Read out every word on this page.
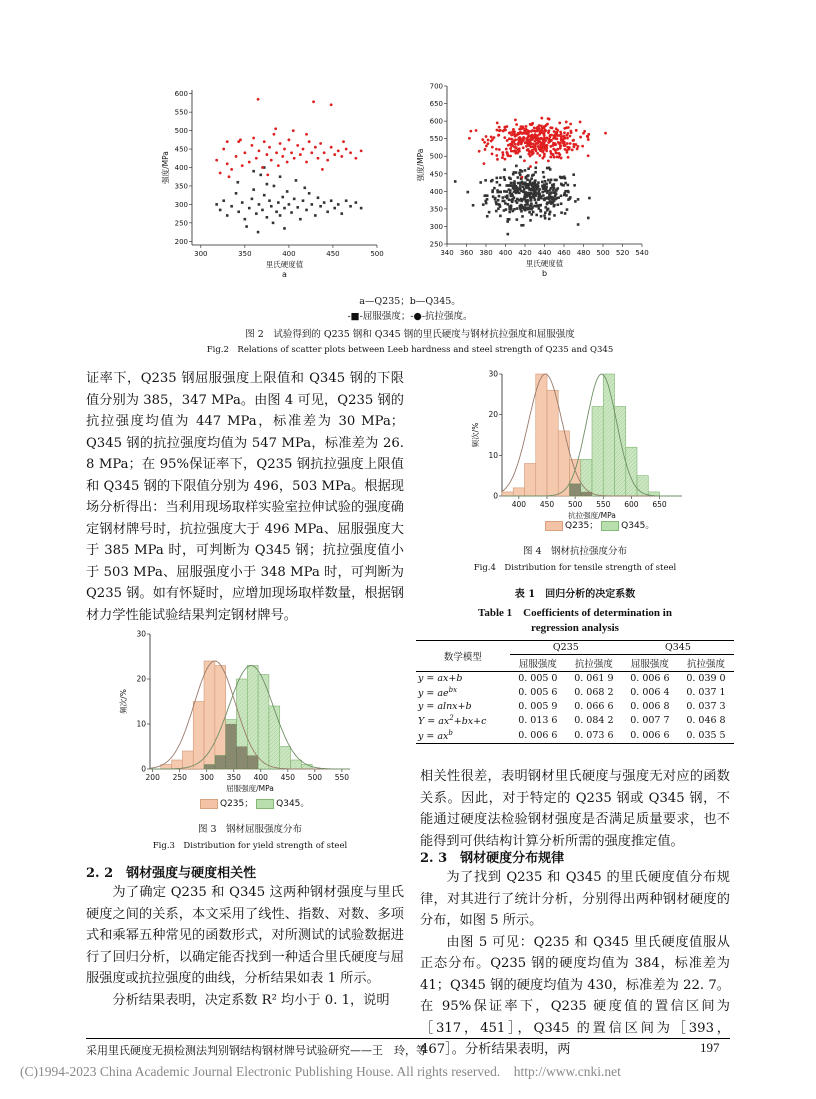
300	350	400	450	500
200
250
300
350
400
450
500
550
600
里氏硬度值
强度/MPa
a
340 360 380 400 420 440 460 480 500 520 540
250
300
350
400
450
500
550
600
650
700
里氏硬度值
强度/MPa
b
a—Q235；b—Q345。
-■-屈服强度；-●-抗拉强度。
图 2　试验得到的 Q235 钢和 Q345 钢的里氏硬度与钢材抗拉强度和屈服强度
Fig.2　Relations of scatter plots between Leeb hardness and steel strength of Q235 and Q345

证率下，Q235 钢屈服强度上限值和 Q345 钢的下限值分别为 385，347 MPa。由图 4 可见，Q235 钢的抗拉强度均值为 447 MPa，标准差为 30 MPa；Q345 钢的抗拉强度均值为 547 MPa，标准差为 26. 8 MPa；在 95%保证率下，Q235 钢抗拉强度上限值和 Q345 钢的下限值分别为 496，503 MPa。根据现场分析得出：当利用现场取样实验室拉伸试验的强度确定钢材牌号时，抗拉强度大于 496 MPa、屈服强度大于 385 MPa 时，可判断为 Q345 钢；抗拉强度值小于 503 MPa、屈服强度小于 348 MPa 时，可判断为 Q235 钢。如有怀疑时，应增加现场取样数量，根据钢材力学性能试验结果判定钢材牌号。

400 450 500 550 600 650
0
10
20
30
抗拉强度/MPa
频次/%
Q235；	Q345。
图 4　钢材抗拉强度分布
Fig.4　Distribution for tensile strength of steel
表 1　回归分析的决定系数
Table 1　Coefficients of determination in
regression analysis
数学模型	Q235		Q345	
	屈服强度	抗拉强度	屈服强度	抗拉强度
y = ax+b	0. 005 0	0. 061 9	0. 006 6	0. 039 0
$y = ae^{bx}$	0. 005 6	0. 068 2	0. 006 4	0. 037 1
y = alnx+b	0. 005 9	0. 066 6	0. 006 8	0. 037 3
$Y = ax^2+bx+c$	0. 013 6	0. 084 2	0. 007 7	0. 046 8
$y = ax^b$	0. 006 6	0. 073 6	0. 006 6	0. 035 5
200 250 300 350 400 450 500 550
0
10
20
30
屈服强度/MPa
频次/%
Q235；	Q345。
图 3　钢材屈服强度分布
Fig.3　Distribution for yield strength of steel
2. 2　钢材强度与硬度相关性

为了确定 Q235 和 Q345 这两种钢材强度与里氏硬度之间的关系，本文采用了线性、指数、对数、多项式和乘幂五种常见的函数形式，对所测试的试验数据进行了回归分析，以确定能否找到一种适合里氏硬度与屈服强度或抗拉强度的曲线，分析结果如表 1 所示。

分析结果表明，决定系数 R² 均小于 0. 1，说明

相关性很差，表明钢材里氏硬度与强度无对应的函数关系。因此，对于特定的 Q235 钢或 Q345 钢，不能通过硬度法检验钢材强度是否满足质量要求，也不能得到可供结构计算分析所需的强度推定值。

2. 3　钢材硬度分布规律

为了找到 Q235 和 Q345 的里氏硬度值分布规律，对其进行了统计分析，分别得出两种钢材硬度的分布，如图 5 所示。

由图 5 可见：Q235 和 Q345 里氏硬度值服从正态分布。Q235 钢的硬度均值为 384，标准差为 41；Q345 钢的硬度均值为 430，标准差为 22. 7。在 95%保证率下，Q235 硬度值的置信区间为［317，451］，Q345 的置信区间为［393，467］。分析结果表明，两

采用里氏硬度无损检测法判别钢结构钢材牌号试验研究——王　玲，等	197
(C)1994-2023 China Academic Journal Electronic Publishing House. All rights reserved.　http://www.cnki.net
